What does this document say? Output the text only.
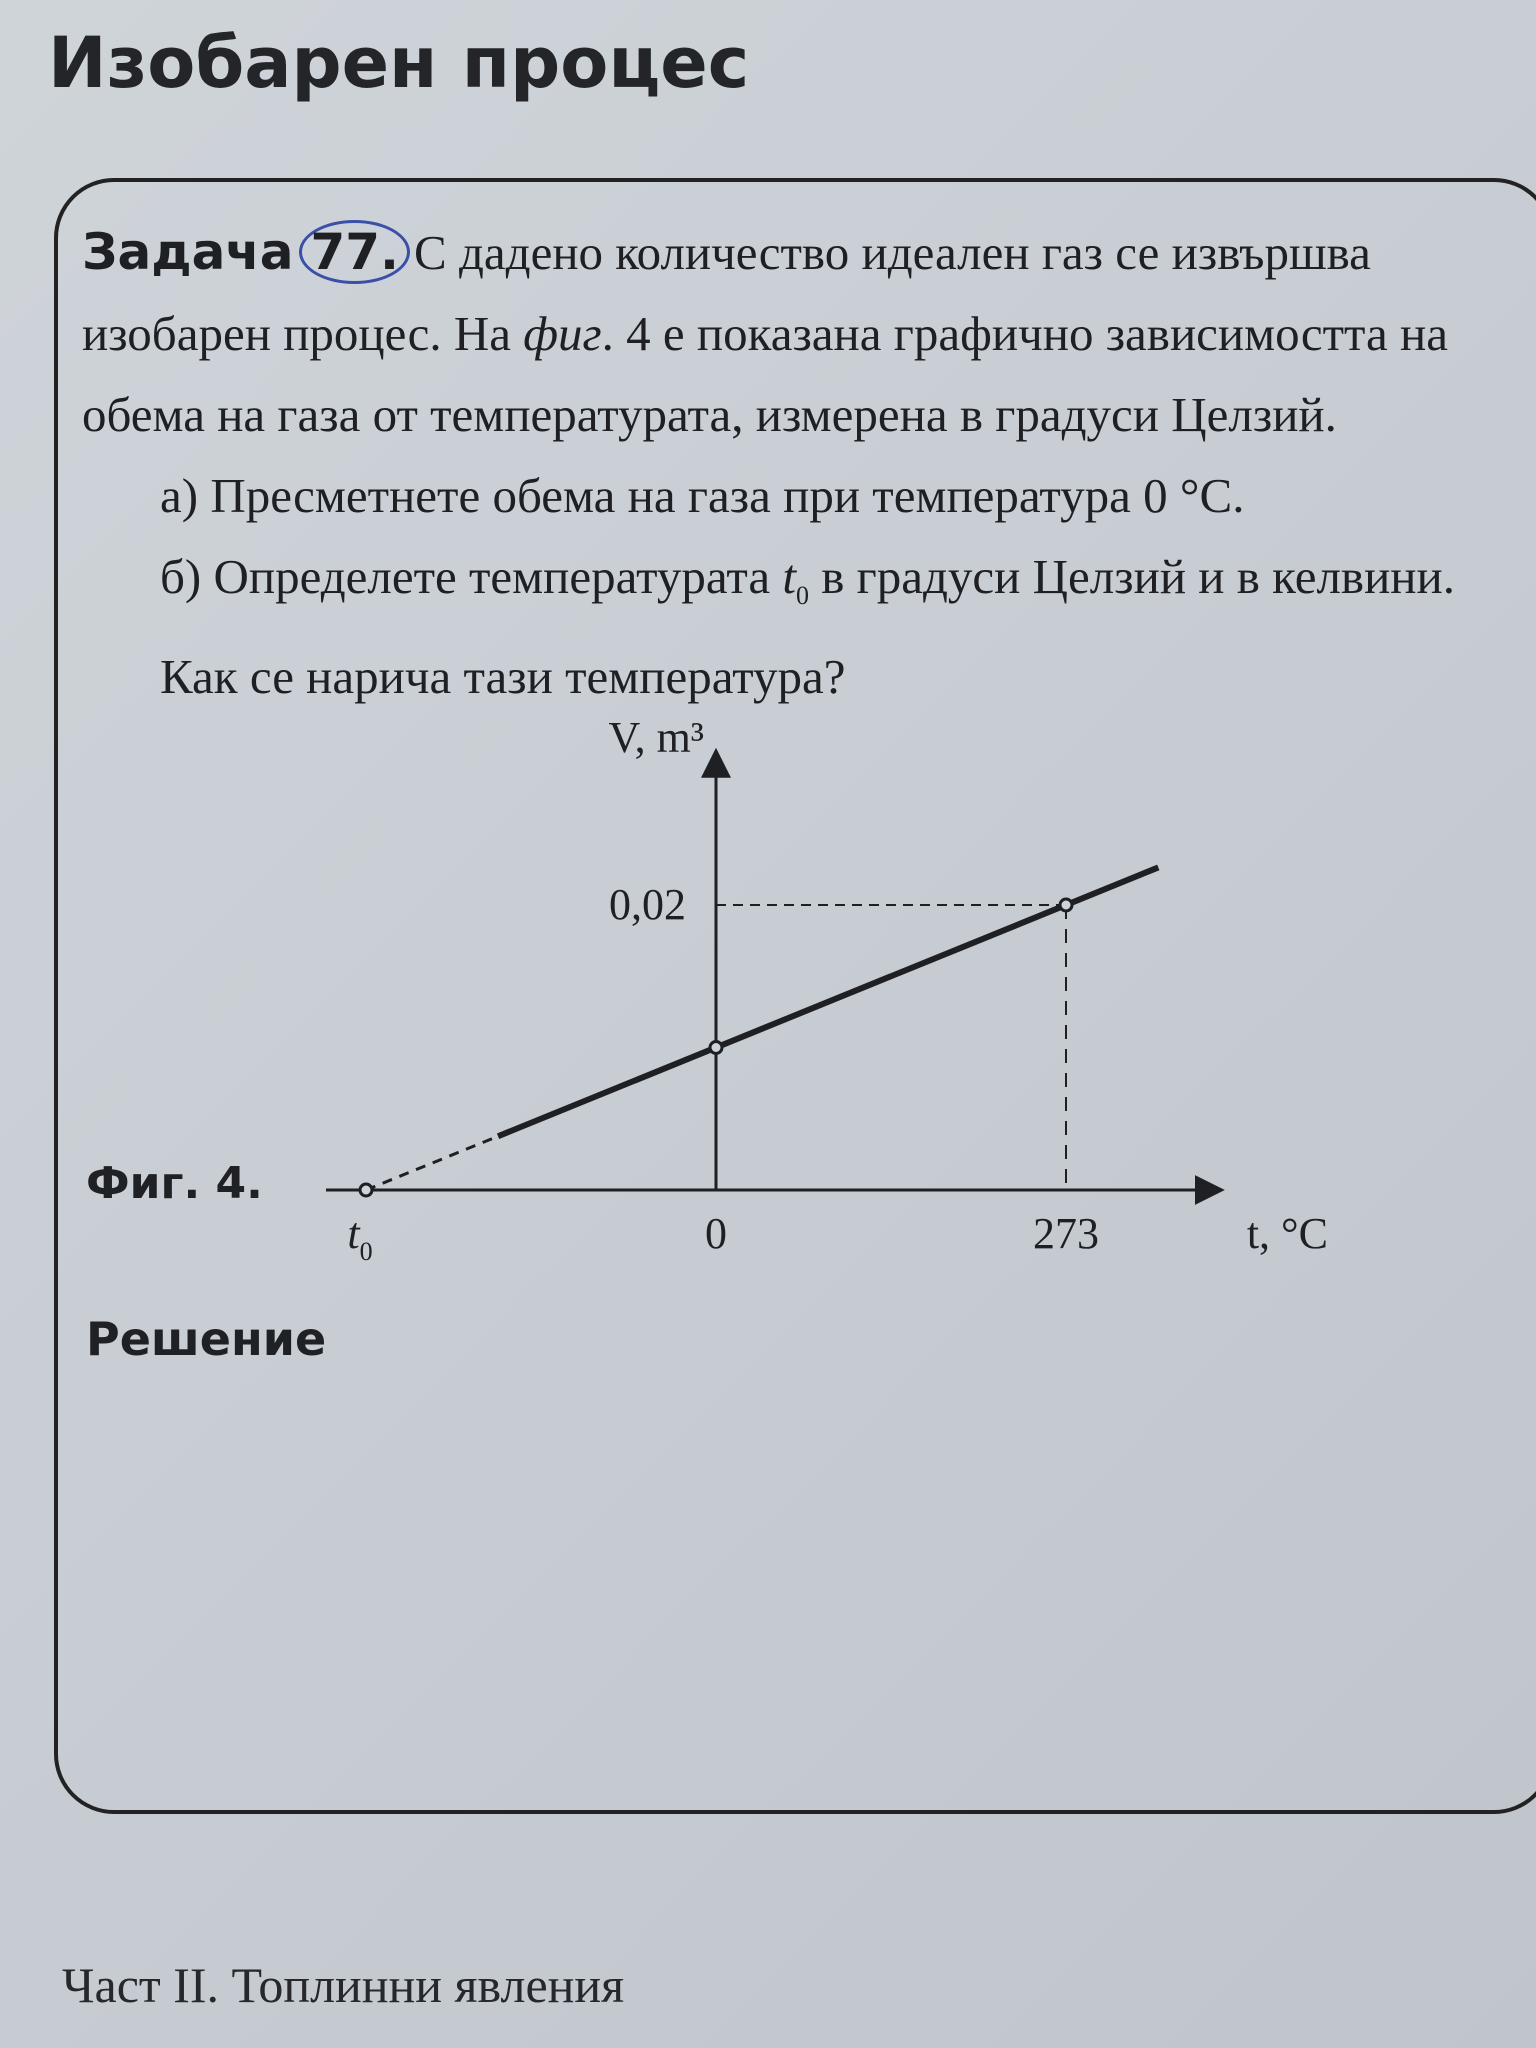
Изобарен процес

Задача 77. С дадено количество идеален газ се извършва изобарен процес. На фиг. 4 е показана графично зависимостта на обема на газа от температурата, измерена в градуси Целзий.

а) Пресметнете обема на газа при температура 0 °С.

б) Определете температурата $t_0$ в градуси Целзий и в келвини. Как се нарича тази температура?

Фиг. 4.
V, m³
t, °C
0,02
$t_0$	0	273
Решение
Част II. Топлинни явления
